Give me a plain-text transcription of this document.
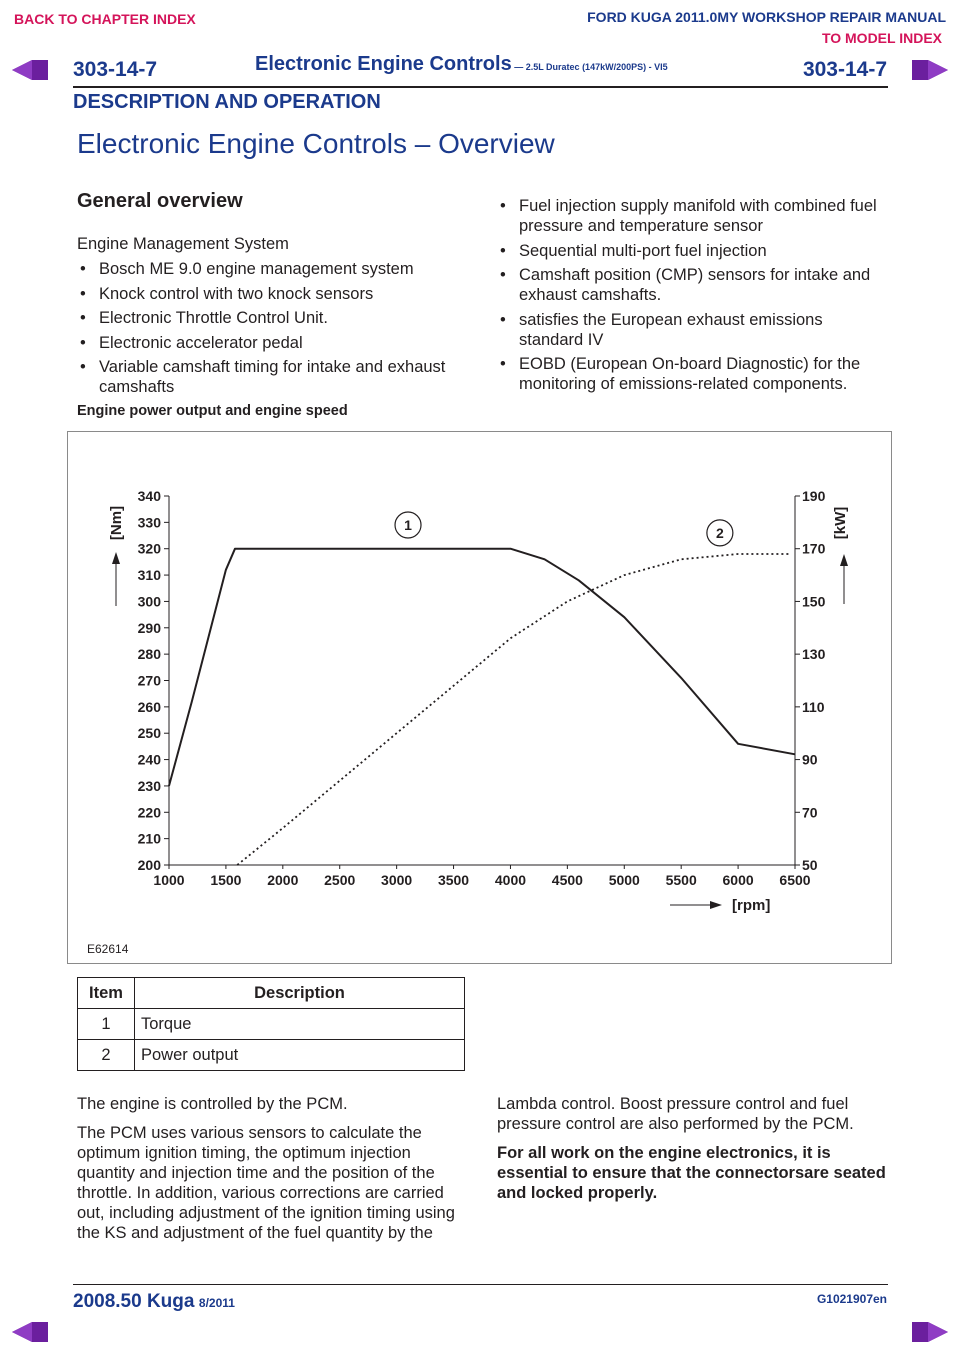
BACK TO CHAPTER INDEX	FORD KUGA 2011.0MY WORKSHOP REPAIR MANUAL
TO MODEL INDEX
303-14-7	Electronic Engine Controls — 2.5L Duratec (147kW/200PS) - VI5	303-14-7
DESCRIPTION AND OPERATION
Electronic Engine Controls – Overview
General overview
Engine Management System
• Bosch ME 9.0 engine management system
• Knock control with two knock sensors
• Electronic Throttle Control Unit.
• Electronic accelerator pedal
• Variable camshaft timing for intake and exhaust camshafts
Engine power output and engine speed
• Fuel injection supply manifold with combined fuel pressure and temperature sensor
• Sequential multi-port fuel injection
• Camshaft position (CMP) sensors for intake and exhaust camshafts.
• satisfies the European exhaust emissions standard IV
• EOBD (European On-board Diagnostic) for the monitoring of emissions-related components.
200
210
220
230
240
250
260
270
280
290
300
310
320
330
340
50
70
90
110
130
150
170
190
1000 1500 2000 2500 3000 3500 4000 4500 5000 5500 6000 6500
[Nm]	[kW]
[rpm]
1	2
E62614
Item	Description
1	Torque
2	Power output

The engine is controlled by the PCM.

The PCM uses various sensors to calculate the optimum ignition timing, the optimum injection quantity and injection time and the position of the throttle. In addition, various corrections are carried out, including adjustment of the ignition timing using the KS and adjustment of the fuel quantity by the

Lambda control. Boost pressure control and fuel pressure control are also performed by the PCM.

For all work on the engine electronics, it is essential to ensure that the connectorsare seated and locked properly.

2008.50 Kuga 8/2011	G1021907en
